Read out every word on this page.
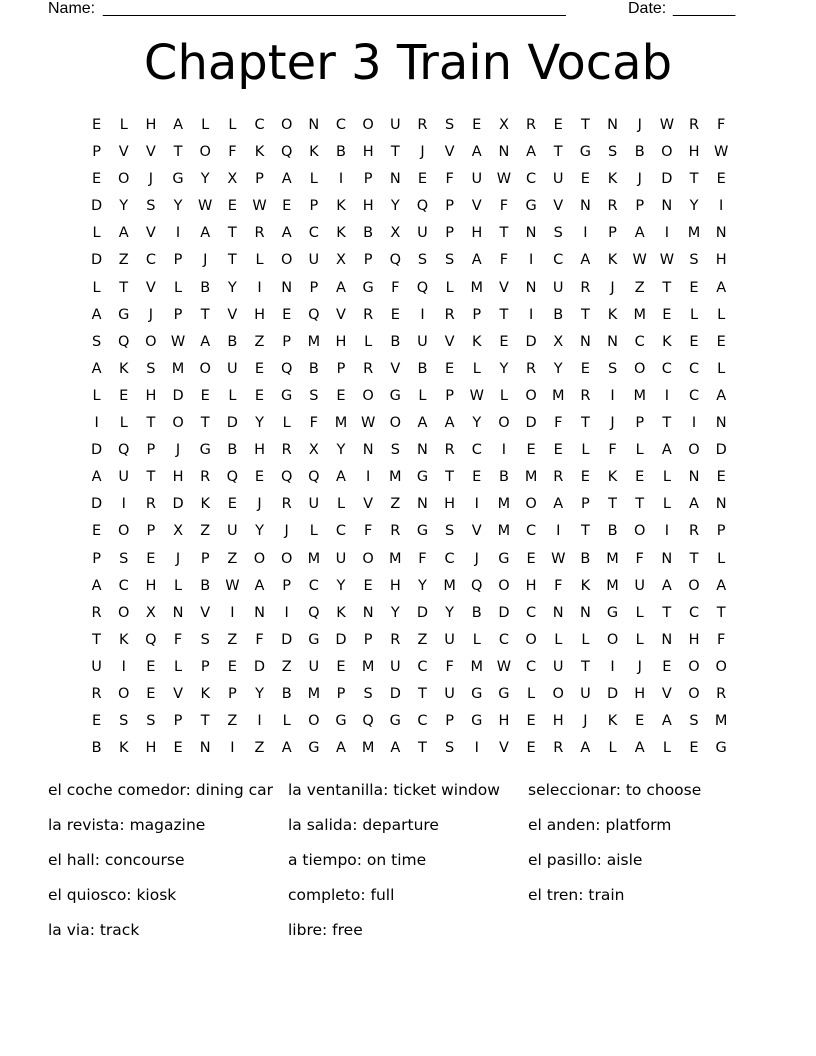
Name: ____________________________________________________	Date: _______
Chapter 3 Train Vocab
E	L	H	A	L	L	C	O	N	C	O	U	R	S	E	X	R	E	T	N	J	W	R	F
P	V	V	T	O	F	K	Q	K	B	H	T	J	V	A	N	A	T	G	S	B	O	H	W
E	O	J	G	Y	X	P	A	L	I	P	N	E	F	U	W	C	U	E	K	J	D	T	E
D	Y	S	Y	W	E	W	E	P	K	H	Y	Q	P	V	F	G	V	N	R	P	N	Y	I
L	A	V	I	A	T	R	A	C	K	B	X	U	P	H	T	N	S	I	P	A	I	M	N
D	Z	C	P	J	T	L	O	U	X	P	Q	S	S	A	F	I	C	A	K	W W	S	H
L	T	V	L	B	Y	I	N	P	A	G	F	Q	L	M	V	N	U	R	J	Z	T	E	A
A	G	J	P	T	V	H	E	Q	V	R	E	I	R	P	T	I	B	T	K	M	E	L	L
S	Q	O W	A	B	Z	P	M	H	L	B	U	V	K	E	D	X	N	N	C	K	E	E
A	K	S	M	O	U	E	Q	B	P	R	V	B	E	L	Y	R	Y	E	S	O	C	C	L
L	E	H	D	E	L	E	G	S	E	O	G	L	P	W	L	O	M	R	I	M	I	C	A
I	L	T	O	T	D	Y	L	F	M W O	A	A	Y	O	D	F	T	J	P	T	I	N
D	Q	P	J	G	B	H	R	X	Y	N	S	N	R	C	I	E	E	L	F	L	A	O	D
A	U	T	H	R	Q	E	Q	Q	A	I	M	G	T	E	B	M	R	E	K	E	L	N	E
D	I	R	D	K	E	J	R	U	L	V	Z	N	H	I	M	O	A	P	T	T	L	A	N
E	O	P	X	Z	U	Y	J	L	C	F	R	G	S	V	M	C	I	T	B	O	I	R	P
P	S	E	J	P	Z	O	O	M	U	O	M	F	C	J	G	E	W	B	M	F	N	T	L
A	C	H	L	B	W	A	P	C	Y	E	H	Y	M	Q	O	H	F	K	M	U	A	O	A
R	O	X	N	V	I	N	I	Q	K	N	Y	D	Y	B	D	C	N	N	G	L	T	C	T
T	K	Q	F	S	Z	F	D	G	D	P	R	Z	U	L	C	O	L	L	O	L	N	H	F
U	I	E	L	P	E	D	Z	U	E	M	U	C	F	M W	C	U	T	I	J	E	O	O
R	O	E	V	K	P	Y	B	M	P	S	D	T	U	G	G	L	O	U	D	H	V	O	R
E	S	S	P	T	Z	I	L	O	G	Q	G	C	P	G	H	E	H	J	K	E	A	S	M
B	K	H	E	N	I	Z	A	G	A	M	A	T	S	I	V	E	R	A	L	A	L	E	G
el coche comedor: dining car
la revista: magazine
el hall: concourse
el quiosco: kiosk
la via: track
la ventanilla: ticket window
la salida: departure
a tiempo: on time
completo: full
libre: free
seleccionar: to choose
el anden: platform
el pasillo: aisle
el tren: train
